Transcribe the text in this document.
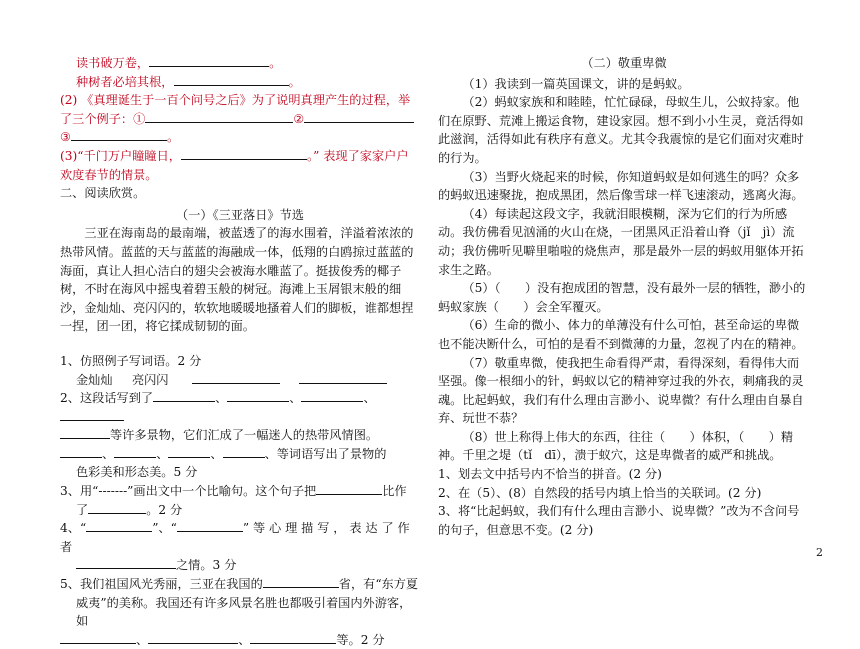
读书破万卷，	。

种树者必培其根，	。

(2) 《真理诞生于一百个问号之后》为了说明真理产生的过程，举

了三个例子：①	②

③	。

(3)“千门万户瞳瞳日，	。” 表现了家家户户

欢度春节的情景。

二、阅读欣赏。

（一）《三亚落日》节选

三亚在海南岛的最南端，被蓝透了的海水围着，洋溢着浓浓的热带风情。蓝蓝的天与蓝蓝的海融成一体，低翔的白鸥掠过蓝蓝的海面，真让人担心洁白的翅尖会被海水雕蓝了。挺拔俊秀的椰子树，不时在海风中摇曳着碧玉般的树冠。海滩上玉屑银末般的细沙，金灿灿、亮闪闪的，软软地暖暖地搔着人们的脚板，谁都想捏一捏，团一团，将它揉成韧韧的面。

1、仿照例子写词语。2 分

金灿灿 亮闪闪

2、这段话写到了	、	、	、

等许多景物，它们汇成了一幅迷人的热带风情图。

、	、	、	、等词语写出了景物的

色彩美和形态美。5 分

3、用“-------”画出文中一个比喻句。这个句子把	比作

了	。2 分

4、“	”、“	” 等 心 理 描 写 ， 表 达 了 作 者

之情。3 分

5、我们祖国风光秀丽，三亚在我国的	省，有“东方夏

威夷”的美称。我国还有许多风景名胜也都吸引着国内外游客，如

、	、	等。2 分

（二）敬重卑微

（1）我读到一篇英国课文，讲的是蚂蚁。

（2）蚂蚁家族和和睦睦，忙忙碌碌，母蚁生儿，公蚁持家。他们在原野、荒滩上搬运食物，建设家园。想不到小小生灵，竟活得如此滋润，活得如此有秩序有意义。尤其令我震惊的是它们面对灾难时的行为。

（3）当野火烧起来的时候，你知道蚂蚁是如何逃生的吗？众多的蚂蚁迅速聚拢，抱成黑团，然后像雪球一样飞速滚动，逃离火海。

（4）每读起这段文字，我就泪眼模糊，深为它们的行为所感动。我仿佛看见汹涌的火山在烧，一团黑风正沿着山脊（jǐ　jì）流动；我仿佛听见噼里啪啦的烧焦声，那是最外一层的蚂蚁用躯体开拓求生之路。

（5）（　　）没有抱成团的智慧，没有最外一层的牺牲，渺小的蚂蚁家族（　　）会全军覆灭。

（6）生命的微小、体力的单薄没有什么可怕，甚至命运的卑微也不能决断什么，可怕的是看不到微薄的力量，忽视了内在的精神。

（7）敬重卑微，使我把生命看得严肃，看得深刻，看得伟大而坚强。像一根细小的针，蚂蚁以它的精神穿过我的外衣，刺痛我的灵魂。比起蚂蚁，我们有什么理由言渺小、说卑微？有什么理由自暴自弃、玩世不恭？

（8）世上称得上伟大的东西，往往（　　）体积，（　　）精神。千里之堤（tǐ　dī），溃于蚁穴，这是卑微者的威严和挑战。

1、划去文中括号内不恰当的拼音。(2 分)

2、在（5）、(8）自然段的括号内填上恰当的关联词。(2 分)

3、将“比起蚂蚁，我们有什么理由言渺小、说卑微？”改为不含问号的句子，但意思不变。(2 分)

2
